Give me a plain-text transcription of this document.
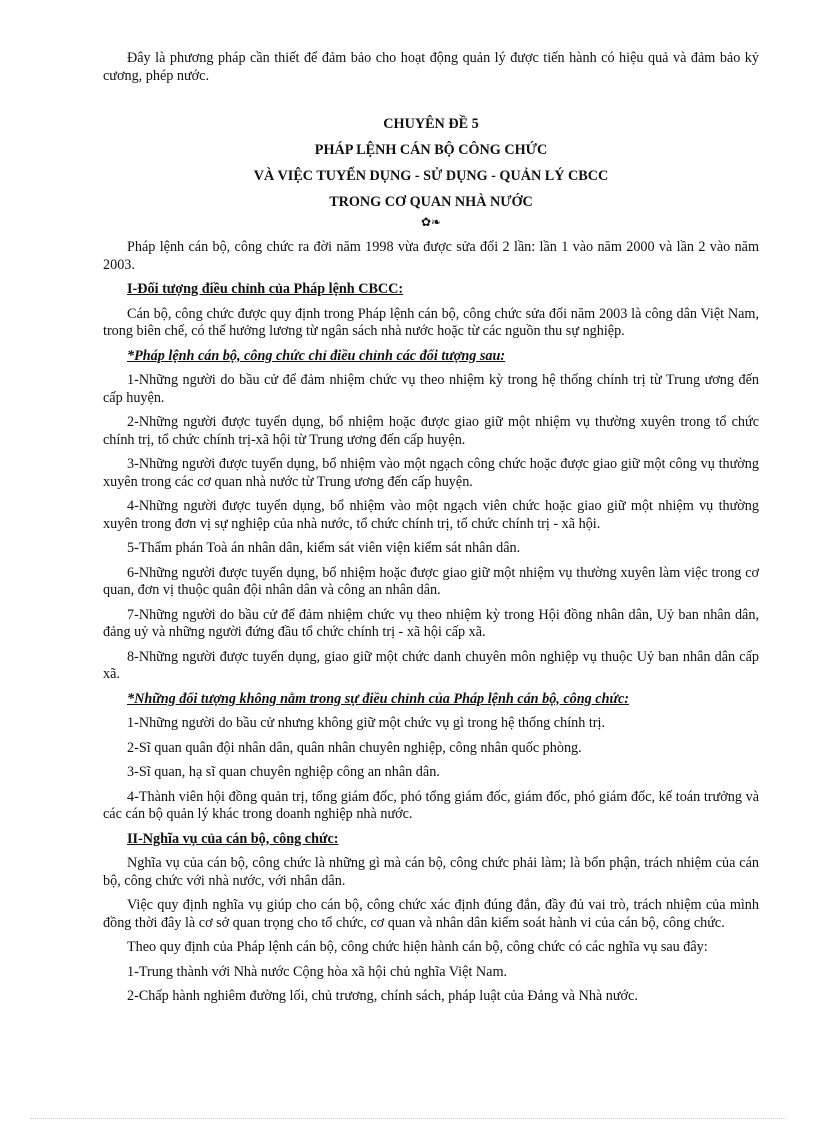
Đây là phương pháp cần thiết để đảm bảo cho hoạt động quản lý được tiến hành có hiệu quả và đảm bảo kỷ cương, phép nước.

CHUYÊN ĐỀ 5
PHÁP LỆNH CÁN BỘ CÔNG CHỨC
VÀ VIỆC TUYỂN DỤNG - SỬ DỤNG - QUẢN LÝ CBCC
TRONG CƠ QUAN NHÀ NƯỚC
✿❧

Pháp lệnh cán bộ, công chức ra đời năm 1998 vừa được sửa đổi 2 lần: lần 1 vào năm 2000 và lần 2 vào năm 2003.

I-Đối tượng điều chỉnh của Pháp lệnh CBCC:

Cán bộ, công chức được quy định trong Pháp lệnh cán bộ, công chức sửa đổi năm 2003 là công dân Việt Nam, trong biên chế, có thể hưởng lương từ ngân sách nhà nước hoặc từ các nguồn thu sự nghiệp.

*Pháp lệnh cán bộ, công chức chỉ điều chỉnh các đối tượng sau:

1-Những người do bầu cử để đảm nhiệm chức vụ theo nhiệm kỳ trong hệ thống chính trị từ Trung ương đến cấp huyện.

2-Những người được tuyển dụng, bổ nhiệm hoặc được giao giữ một nhiệm vụ thường xuyên trong tổ chức chính trị, tổ chức chính trị-xã hội từ Trung ương đến cấp huyện.

3-Những người được tuyển dụng, bổ nhiệm vào một ngạch công chức hoặc được giao giữ một công vụ thường xuyên trong các cơ quan nhà nước từ Trung ương đến cấp huyện.

4-Những người được tuyển dụng, bổ nhiệm vào một ngạch viên chức hoặc giao giữ một nhiệm vụ thường xuyên trong đơn vị sự nghiệp của nhà nước, tổ chức chính trị, tổ chức chính trị - xã hội.

5-Thẩm phán Toà án nhân dân, kiểm sát viên viện kiểm sát nhân dân.

6-Những người được tuyển dụng, bổ nhiệm hoặc được giao giữ một nhiệm vụ thường xuyên làm việc trong cơ quan, đơn vị thuộc quân đội nhân dân và công an nhân dân.

7-Những người do bầu cử để đảm nhiệm chức vụ theo nhiệm kỳ trong Hội đồng nhân dân, Uỷ ban nhân dân, đảng uỷ và những người đứng đầu tổ chức chính trị - xã hội cấp xã.

8-Những người được tuyển dụng, giao giữ một chức danh chuyên môn nghiệp vụ thuộc Uỷ ban nhân dân cấp xã.

*Những đối tượng không nằm trong sự điều chỉnh của Pháp lệnh cán bộ, công chức:

1-Những người do bầu cử nhưng không giữ một chức vụ gì trong hệ thống chính trị.

2-Sĩ quan quân đội nhân dân, quân nhân chuyên nghiệp, công nhân quốc phòng.

3-Sĩ quan, hạ sĩ quan chuyên nghiệp công an nhân dân.

4-Thành viên hội đồng quản trị, tổng giám đốc, phó tổng giám đốc, giám đốc, phó giám đốc, kế toán trưởng và các cán bộ quản lý khác trong doanh nghiệp nhà nước.

II-Nghĩa vụ của cán bộ, công chức:

Nghĩa vụ của cán bộ, công chức là những gì mà cán bộ, công chức phải làm; là bổn phận, trách nhiệm của cán bộ, công chức với nhà nước, với nhân dân.

Việc quy định nghĩa vụ giúp cho cán bộ, công chức xác định đúng đắn, đầy đủ vai trò, trách nhiệm của mình đồng thời đây là cơ sở quan trọng cho tổ chức, cơ quan và nhân dân kiểm soát hành vi của cán bộ, công chức.

Theo quy định của Pháp lệnh cán bộ, công chức hiện hành cán bộ, công chức có các nghĩa vụ sau đây:

1-Trung thành với Nhà nước Cộng hòa xã hội chủ nghĩa Việt Nam.

2-Chấp hành nghiêm đường lối, chủ trương, chính sách, pháp luật của Đảng và Nhà nước.
